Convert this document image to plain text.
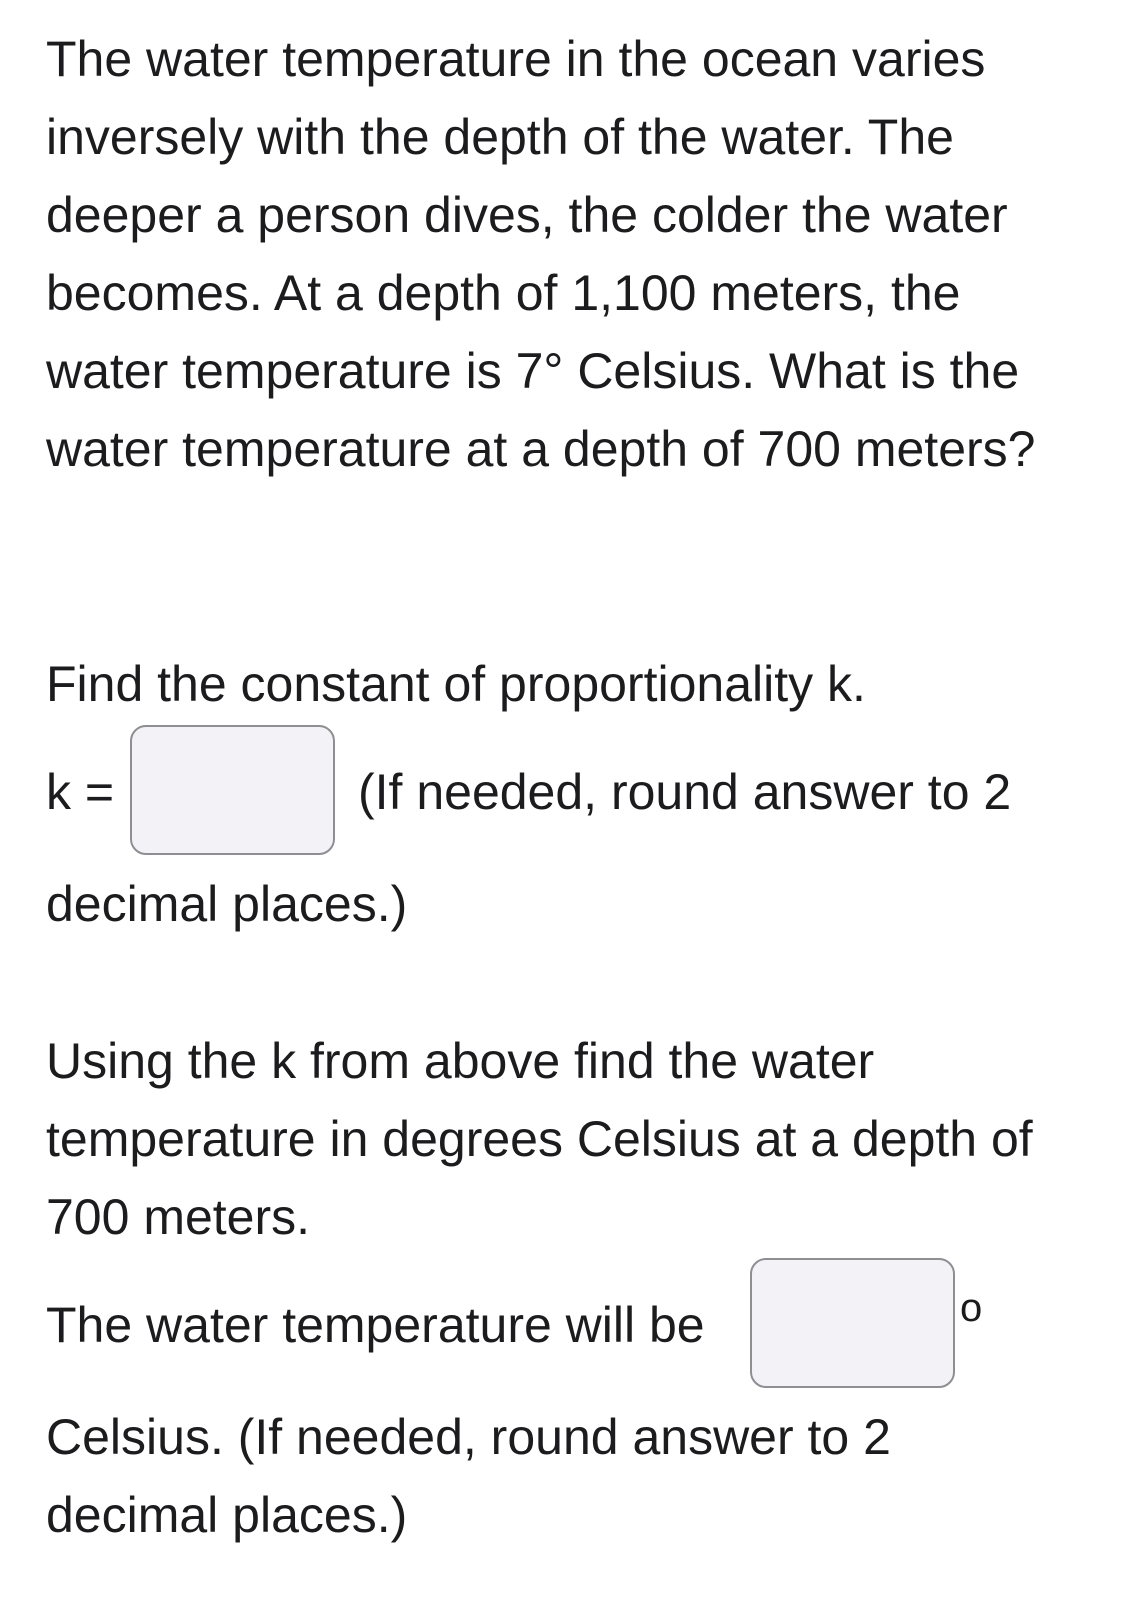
The water temperature in the ocean varies inversely with the depth of the water. The deeper a person dives, the colder the water becomes. At a depth of 1,100 meters, the water temperature is 7° Celsius. What is the water temperature at a depth of 700 meters?

Find the constant of proportionality k.

k =	(If needed, round answer to 2

decimal places.)

Using the k from above find the water temperature in degrees Celsius at a depth of 700 meters.

The water temperature will be	o

Celsius. (If needed, round answer to 2 decimal places.)
